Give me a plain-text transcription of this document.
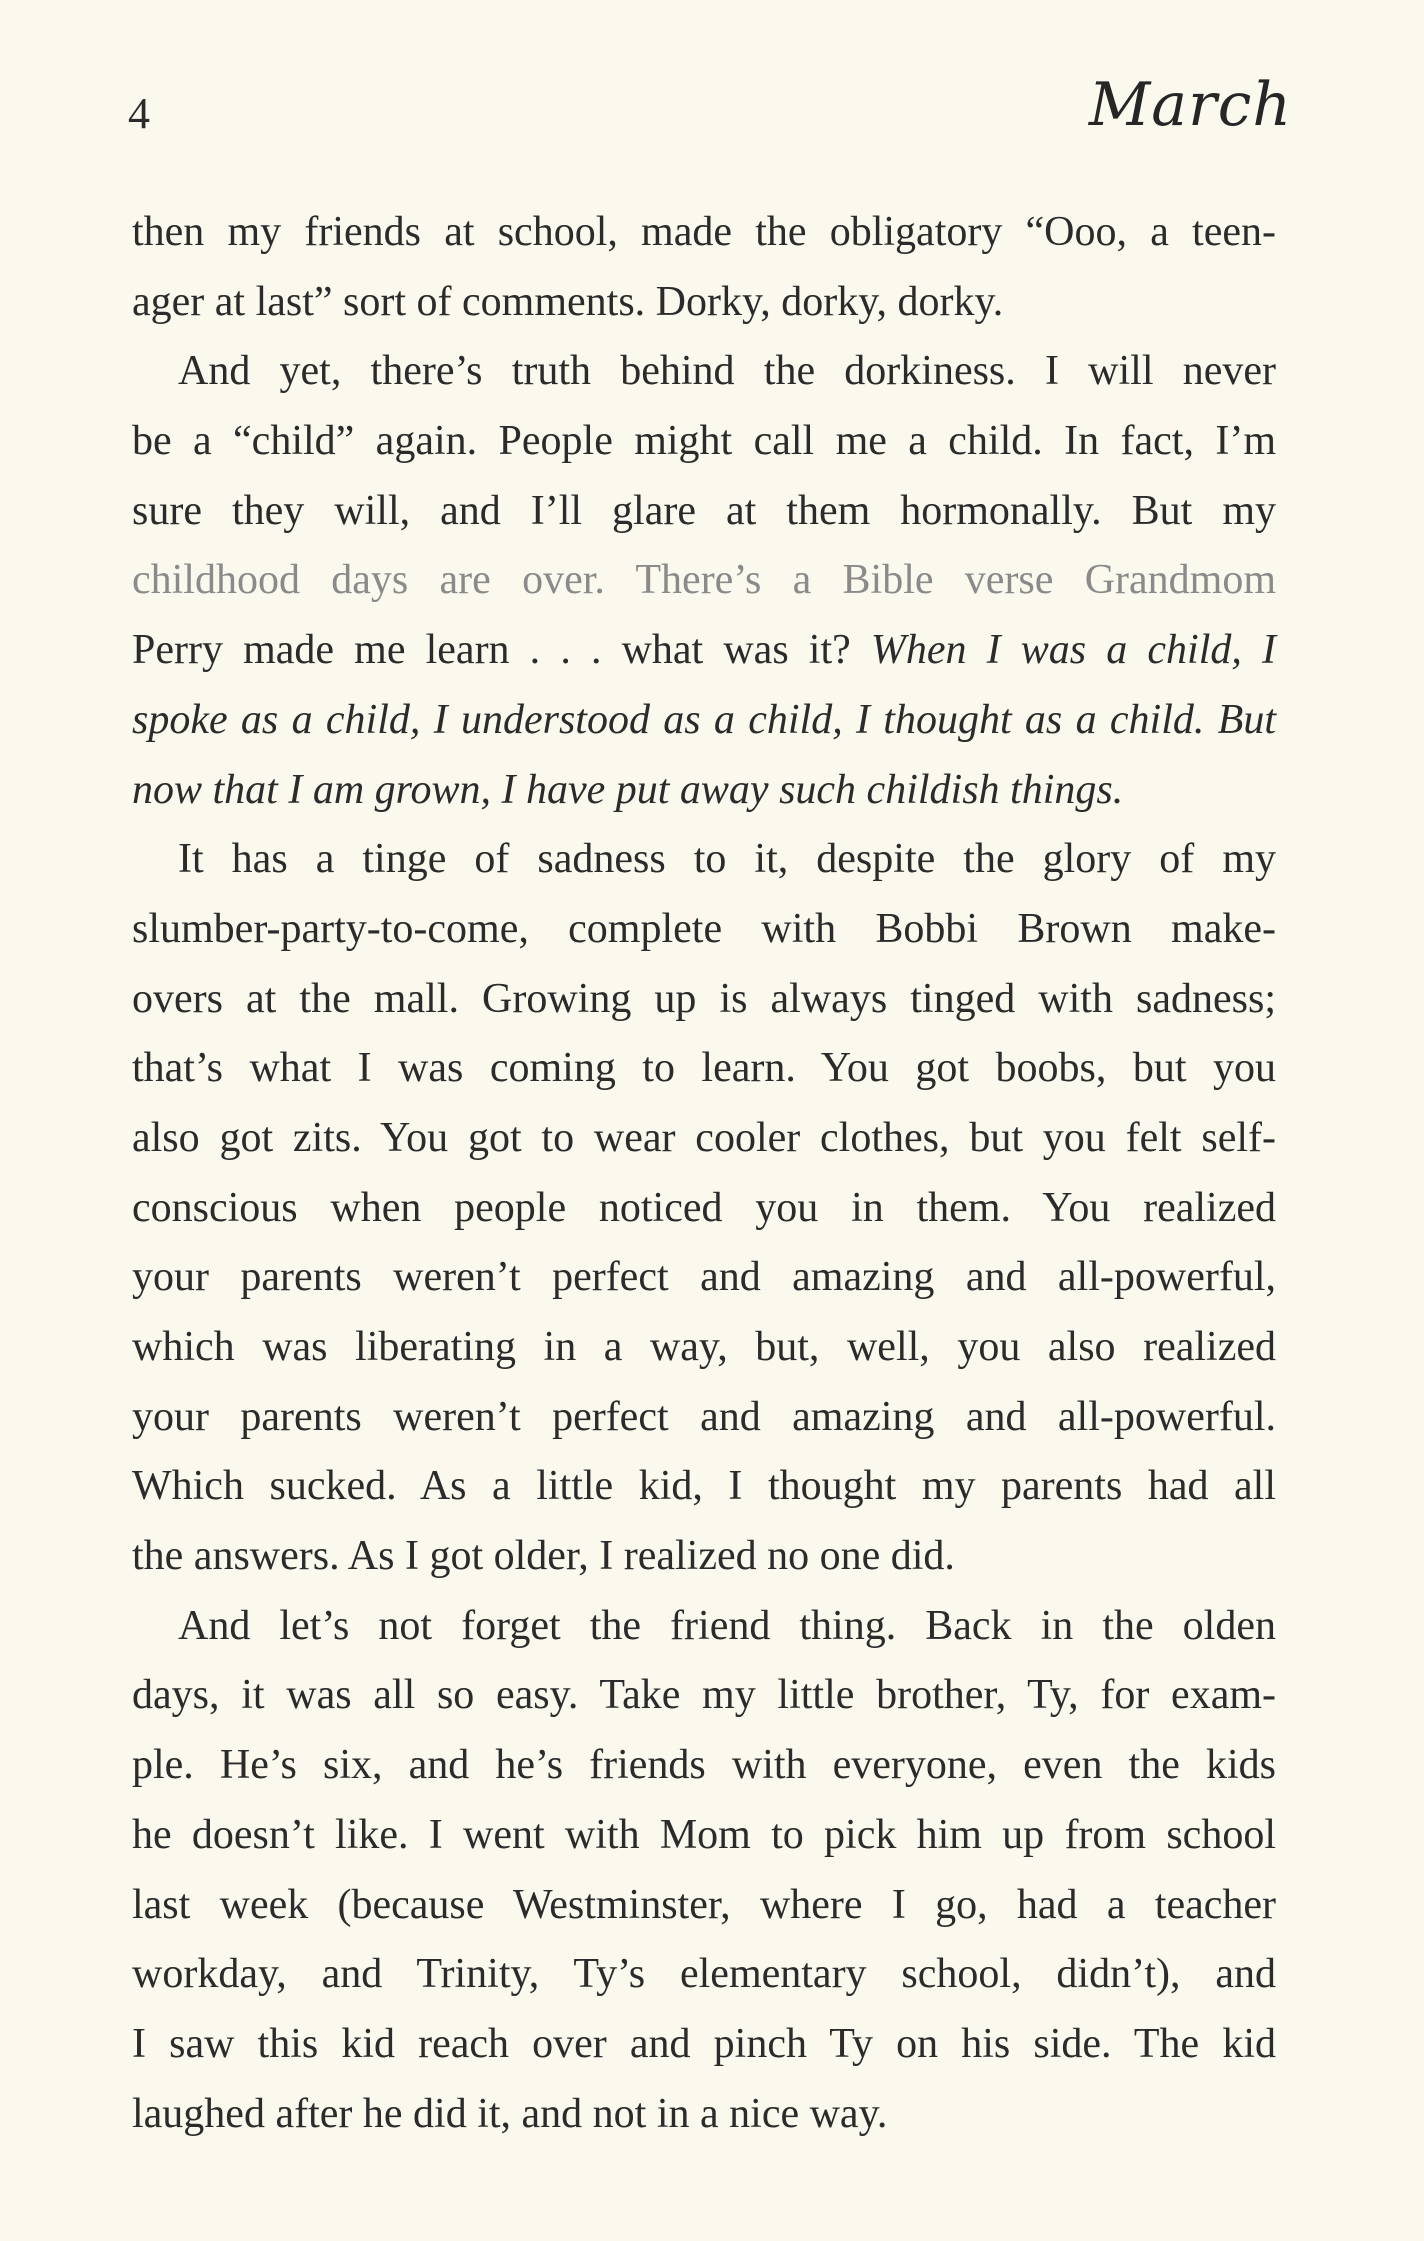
4	March
then my friends at school, made the obligatory “Ooo, a teen-
ager at last” sort of comments. Dorky, dorky, dorky.
And yet, there’s truth behind the dorkiness. I will never
be a “child” again. People might call me a child. In fact, I’m
sure they will, and I’ll glare at them hormonally. But my
childhood days are over. There’s a Bible verse Grandmom
Perry made me learn . . . what was it? When I was a child, I
spoke as a child, I understood as a child, I thought as a child. But
now that I am grown, I have put away such childish things.
It has a tinge of sadness to it, despite the glory of my
slumber-party-to-come, complete with Bobbi Brown make-
overs at the mall. Growing up is always tinged with sadness;
that’s what I was coming to learn. You got boobs, but you
also got zits. You got to wear cooler clothes, but you felt self-
conscious when people noticed you in them. You realized
your parents weren’t perfect and amazing and all-powerful,
which was liberating in a way, but, well, you also realized
your parents weren’t perfect and amazing and all-powerful.
Which sucked. As a little kid, I thought my parents had all
the answers. As I got older, I realized no one did.
And let’s not forget the friend thing. Back in the olden
days, it was all so easy. Take my little brother, Ty, for exam-
ple. He’s six, and he’s friends with everyone, even the kids
he doesn’t like. I went with Mom to pick him up from school
last week (because Westminster, where I go, had a teacher
workday, and Trinity, Ty’s elementary school, didn’t), and
I saw this kid reach over and pinch Ty on his side. The kid
laughed after he did it, and not in a nice way.
